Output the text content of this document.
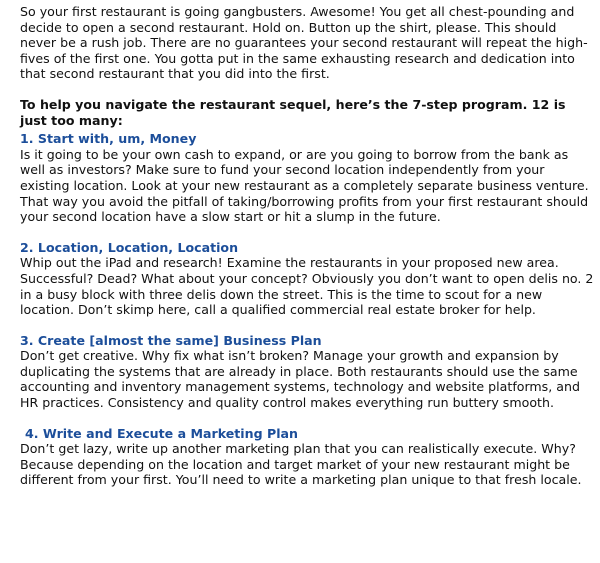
So your first restaurant is going gangbusters. Awesome! You get all chest-pounding and decide to open a second restaurant. Hold on. Button up the shirt, please. This should never be a rush job. There are no guarantees your second restaurant will repeat the high-fives of the first one. You gotta put in the same exhausting research and dedication into that second restaurant that you did into the first.

To help you navigate the restaurant sequel, here’s the 7-step program. 12 is just too many:

1. Start with, um, Money

Is it going to be your own cash to expand, or are you going to borrow from the bank as well as investors? Make sure to fund your second location independently from your existing location. Look at your new restaurant as a completely separate business venture. That way you avoid the pitfall of taking/borrowing profits from your first restaurant should your second location have a slow start or hit a slump in the future.

2. Location, Location, Location

Whip out the iPad and research! Examine the restaurants in your proposed new area. Successful? Dead? What about your concept? Obviously you don’t want to open delis no. 2 in a busy block with three delis down the street. This is the time to scout for a new location. Don’t skimp here, call a qualified commercial real estate broker for help.

3. Create [almost the same] Business Plan

Don’t get creative. Why fix what isn’t broken? Manage your growth and expansion by duplicating the systems that are already in place. Both restaurants should use the same accounting and inventory management systems, technology and website platforms, and HR practices. Consistency and quality control makes everything run buttery smooth.

4. Write and Execute a Marketing Plan

Don’t get lazy, write up another marketing plan that you can realistically execute. Why? Because depending on the location and target market of your new restaurant might be different from your first. You’ll need to write a marketing plan unique to that fresh locale.
